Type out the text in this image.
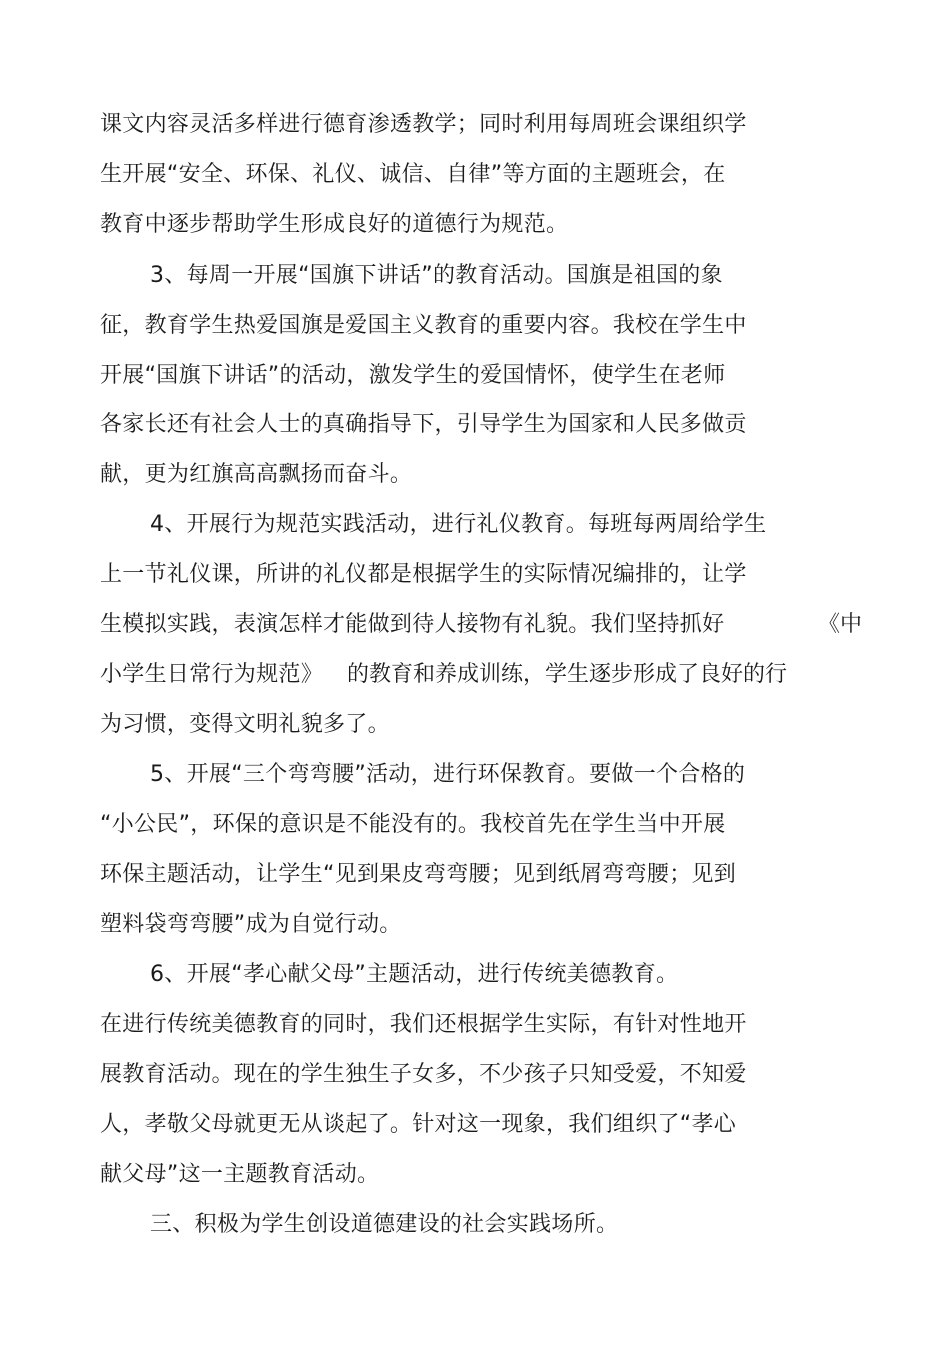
课文内容灵活多样进行德育渗透教学；同时利用每周班会课组织学
生开展“安全、环保、礼仪、诚信、自律”等方面的主题班会，在
教育中逐步帮助学生形成良好的道德行为规范。
3、每周一开展“国旗下讲话”的教育活动。国旗是祖国的象
征，教育学生热爱国旗是爱国主义教育的重要内容。我校在学生中
开展“国旗下讲话”的活动，激发学生的爱国情怀，使学生在老师
各家长还有社会人士的真确指导下，引导学生为国家和人民多做贡
献，更为红旗高高飘扬而奋斗。
4、开展行为规范实践活动，进行礼仪教育。每班每两周给学生
上一节礼仪课，所讲的礼仪都是根据学生的实际情况编排的，让学
生模拟实践，表演怎样才能做到待人接物有礼貌。我们坚持抓好	《中
小学生日常行为规范》 的教育和养成训练，学生逐步形成了良好的行
为习惯，变得文明礼貌多了。
5、开展“三个弯弯腰”活动，进行环保教育。要做一个合格的
“小公民”，环保的意识是不能没有的。我校首先在学生当中开展
环保主题活动，让学生“见到果皮弯弯腰；见到纸屑弯弯腰；见到
塑料袋弯弯腰”成为自觉行动。
6、开展“孝心献父母”主题活动，进行传统美德教育。
在进行传统美德教育的同时，我们还根据学生实际，有针对性地开
展教育活动。现在的学生独生子女多，不少孩子只知受爱，不知爱
人，孝敬父母就更无从谈起了。针对这一现象，我们组织了“孝心
献父母”这一主题教育活动。
三、积极为学生创设道德建设的社会实践场所。
